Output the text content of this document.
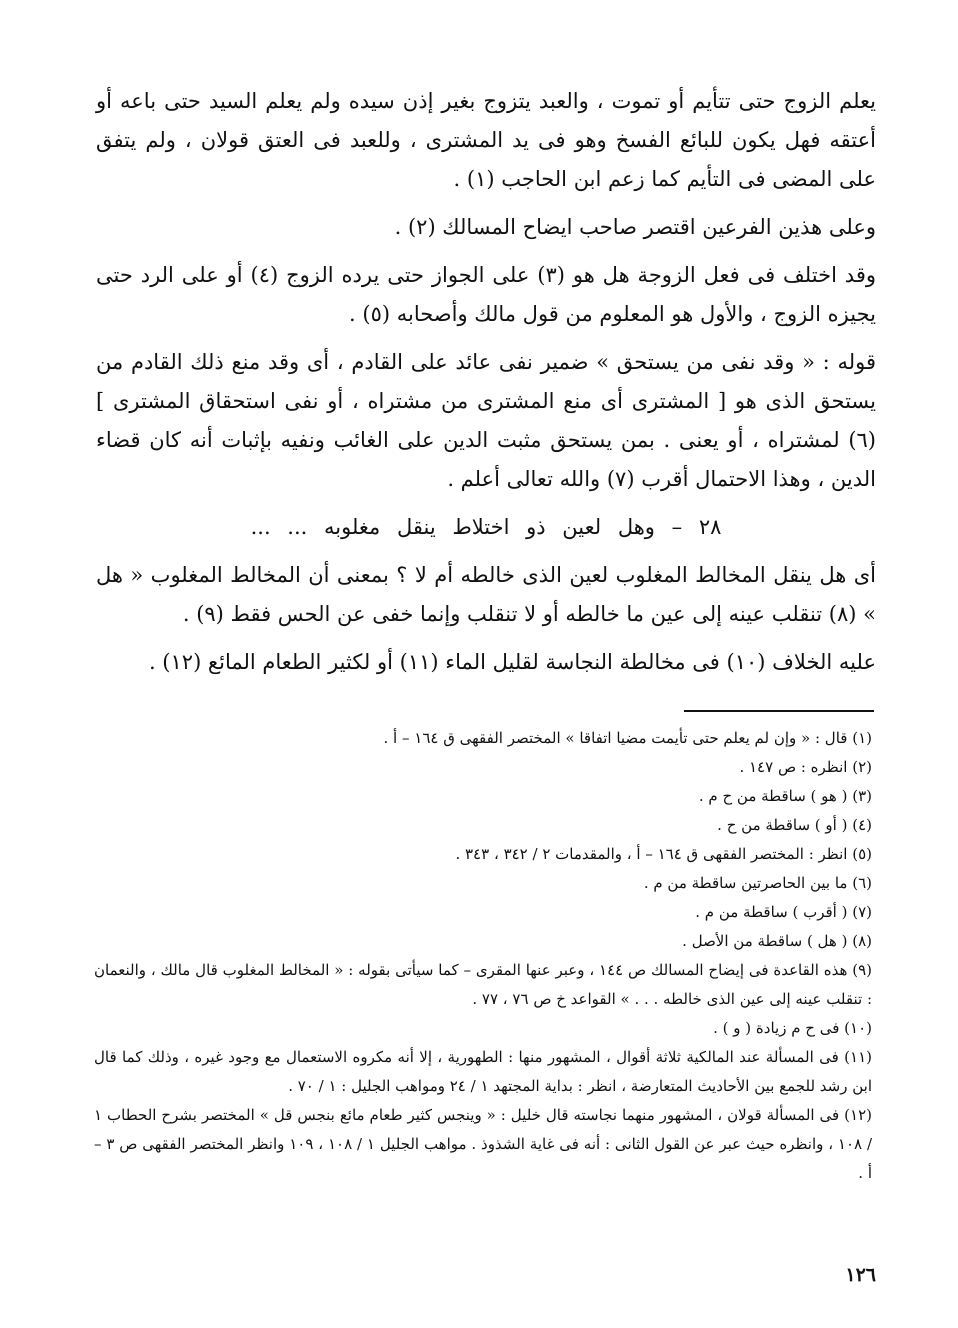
يعلم الزوج حتى تتأيم أو تموت ، والعبد يتزوج بغير إذن سيده ولم يعلم السيد حتى باعه أو أعتقه فهل يكون للبائع الفسخ وهو فى يد المشترى ، وللعبد فى العتق قولان ، ولم يتفق على المضى فى التأيم كما زعم ابن الحاجب (١) .

وعلى هذين الفرعين اقتصر صاحب ايضاح المسالك (٢) .

وقد اختلف فى فعل الزوجة هل هو (٣) على الجواز حتى يرده الزوج (٤) أو على الرد حتى يجيزه الزوج ، والأول هو المعلوم من قول مالك وأصحابه (٥) .

قوله : « وقد نفى من يستحق » ضمير نفى عائد على القادم ، أى وقد منع ذلك القادم من يستحق الذى هو [ المشترى أى منع المشترى من مشتراه ، أو نفى استحقاق المشترى ] (٦) لمشتراه ، أو يعنى . بمن يستحق مثبت الدين على الغائب ونفيه بإثبات أنه كان قضاء الدين ، وهذا الاحتمال أقرب (٧) والله تعالى أعلم .

٢٨ – وهل لعين ذو اختلاط ينقل مغلوبه ... ...

أى هل ينقل المخالط المغلوب لعين الذى خالطه أم لا ؟ بمعنى أن المخالط المغلوب « هل » (٨) تنقلب عينه إلى عين ما خالطه أو لا تنقلب وإنما خفى عن الحس فقط (٩) .

عليه الخلاف (١٠) فى مخالطة النجاسة لقليل الماء (١١) أو لكثير الطعام المائع (١٢) .

(١) قال : « وإن لم يعلم حتى تأيمت مضيا اتفاقا » المختصر الفقهى ق ١٦٤ – أ .
(٢) انظره : ص ١٤٧ .
(٣) ( هو ) ساقطة من ح م .
(٤) ( أو ) ساقطة من ح .
(٥) انظر : المختصر الفقهى ق ١٦٤ – أ ، والمقدمات ٢ / ٣٤٢ ، ٣٤٣ .
(٦) ما بين الحاصرتين ساقطة من م .
(٧) ( أقرب ) ساقطة من م .
(٨) ( هل ) ساقطة من الأصل .
(٩) هذه القاعدة فى إيضاح المسالك ص ١٤٤ ، وعبر عنها المقرى – كما سيأتى بقوله : « المخالط المغلوب قال مالك ، والنعمان : تنقلب عينه إلى عين الذى خالطه . . . » القواعد خ ص ٧٦ ، ٧٧ .
(١٠) فى ح م زيادة ( و ) .
(١١) فى المسألة عند المالكية ثلاثة أقوال ، المشهور منها : الطهورية ، إلا أنه مكروه الاستعمال مع وجود غيره ، وذلك كما قال ابن رشد للجمع بين الأحاديث المتعارضة ، انظر : بداية المجتهد ١ / ٢٤ ومواهب الجليل : ١ / ٧٠ .
(١٢) فى المسألة قولان ، المشهور منهما نجاسته قال خليل : « وينجس كثير طعام مائع بنجس قل » المختصر بشرح الحطاب ١ / ١٠٨ ، وانظره حيث عبر عن القول الثانى : أنه فى غاية الشذوذ . مواهب الجليل ١ / ١٠٨ ، ١٠٩ وانظر المختصر الفقهى ص ٣ – أ .
١٢٦
